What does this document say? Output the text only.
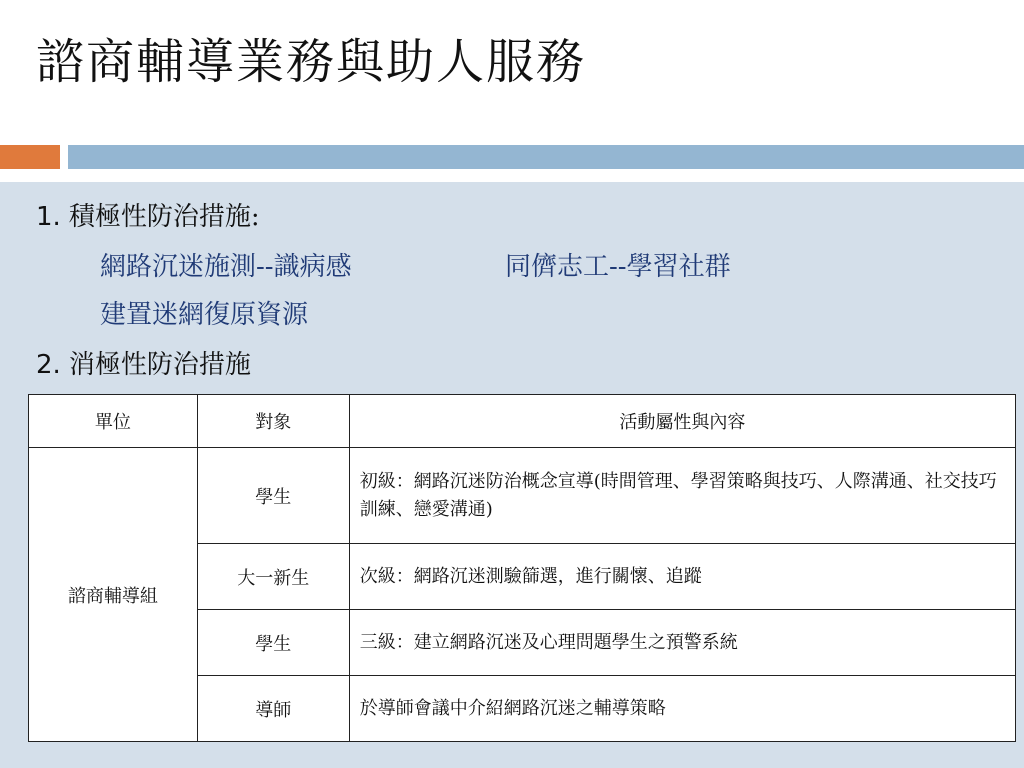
諮商輔導業務與助人服務
1. 積極性防治措施:
網路沉迷施測--識病感	同儕志工--學習社群
建置迷網復原資源
2. 消極性防治措施
單位	對象	活動屬性與內容
諮商輔導組	學生	初級：網路沉迷防治概念宣導(時間管理、學習策略與技巧、人際溝通、社交技巧訓練、戀愛溝通)
	大一新生	次級：網路沉迷測驗篩選，進行關懷、追蹤
	學生	三級：建立網路沉迷及心理問題學生之預警系統
	導師	於導師會議中介紹網路沉迷之輔導策略
